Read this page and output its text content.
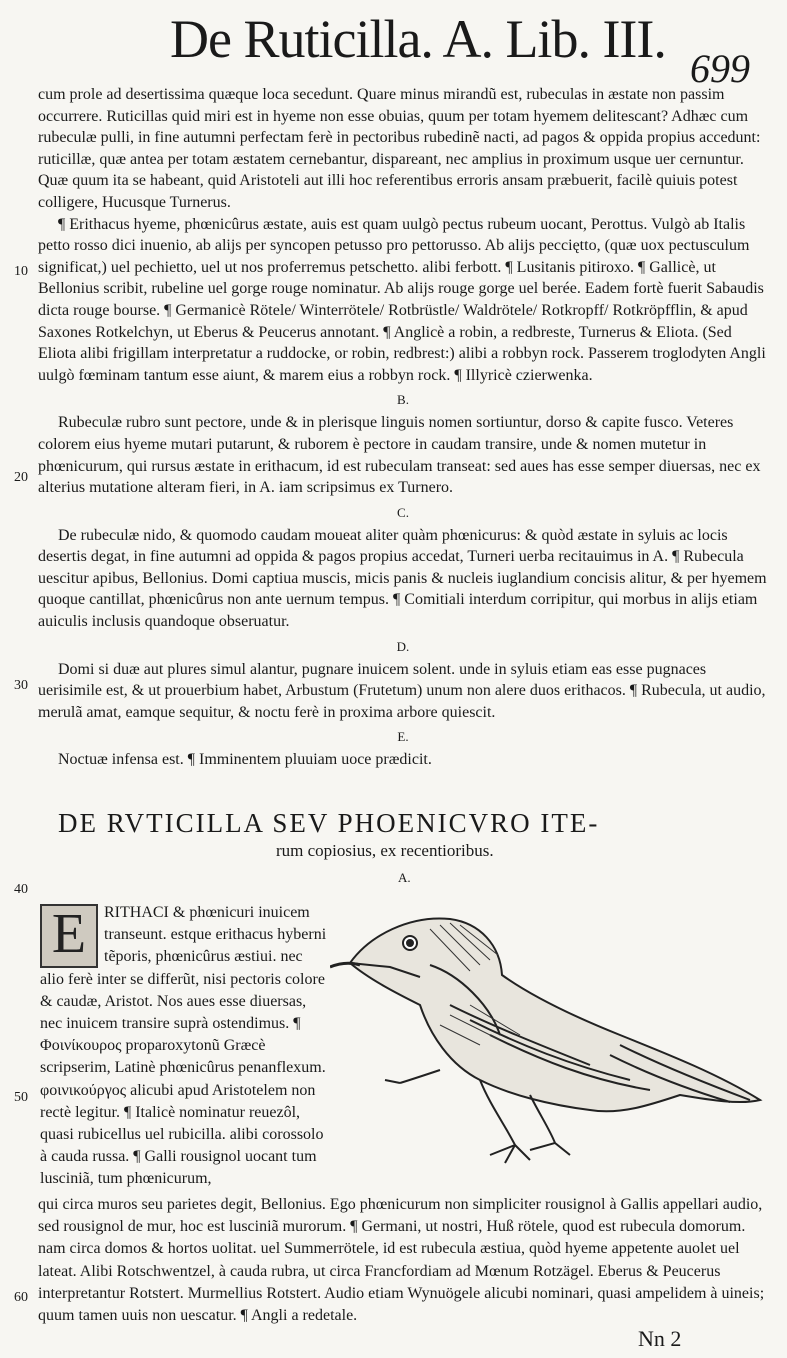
De Ruticilla. A. Lib. III. 699
10
20
30
40
50
60

cum prole ad desertissima quæque loca secedunt. Quare minus mirandũ est, rubeculas in æstate non passim occurrere. Ruticillas quid miri est in hyeme non esse obuias, quum per totam hyemem delitescant? Adhæc cum rubeculæ pulli, in fine autumni perfectam ferè in pectoribus rubedinẽ nacti, ad pagos & oppida propius accedunt: ruticillæ, quæ antea per totam æstatem cernebantur, dispareant, nec amplius in proximum usque uer cernuntur. Quæ quum ita se habeant, quid Aristoteli aut illi hoc referentibus erroris ansam præbuerit, facilè quiuis potest colligere, Hucusque Turnerus.

¶ Erithacus hyeme, phœnicûrus æstate, auis est quam uulgò pectus rubeum uocant, Perottus. Vulgò ab Italis petto rosso dici inuenio, ab alijs per syncopen petusso pro pettorusso. Ab alijs pecciętto, (quæ uox pectusculum significat,) uel pechietto, uel ut nos proferremus petschetto. alibi ferbott. ¶ Lusitanis pitiroxo. ¶ Gallicè, ut Bellonius scribit, rubeline uel gorge rouge nominatur. Ab alijs rouge gorge uel berée. Eadem fortè fuerit Sabaudis dicta rouge bourse. ¶ Germanicè Rötele/ Winterrötele/ Rotbrüstle/ Waldrötele/ Rotkropff/ Rotkröpfflin, & apud Saxones Rotkelchyn, ut Eberus & Peucerus annotant. ¶ Anglicè a robin, a redbreste, Turnerus & Eliota. (Sed Eliota alibi frigillam interpretatur a ruddocke, or robin, redbrest:) alibi a robbyn rock. Passerem troglodyten Angli uulgò fœminam tantum esse aiunt, & marem eius a robbyn rock. ¶ Illyricè czierwenka.

B.

Rubeculæ rubro sunt pectore, unde & in plerisque linguis nomen sortiuntur, dorso & capite fusco. Veteres colorem eius hyeme mutari putarunt, & ruborem è pectore in caudam transire, unde & nomen mutetur in phœnicurum, qui rursus æstate in erithacum, id est rubeculam transeat: sed aues has esse semper diuersas, nec ex alterius mutatione alteram fieri, in A. iam scripsimus ex Turnero.

C.

De rubeculæ nido, & quomodo caudam moueat aliter quàm phœnicurus: & quòd æstate in syluis ac locis desertis degat, in fine autumni ad oppida & pagos propius accedat, Turneri uerba recitauimus in A. ¶ Rubecula uescitur apibus, Bellonius. Domi captiua muscis, micis panis & nucleis iuglandium concisis alitur, & per hyemem quoque cantillat, phœnicûrus non ante uernum tempus. ¶ Comitiali interdum corripitur, qui morbus in alijs etiam auiculis inclusis quandoque obseruatur.

D.

Domi si duæ aut plures simul alantur, pugnare inuicem solent. unde in syluis etiam eas esse pugnaces uerisimile est, & ut prouerbium habet, Arbustum (Frutetum) unum non alere duos erithacos. ¶ Rubecula, ut audio, merulã amat, eamque sequitur, & noctu ferè in proxima arbore quiescit.

E.

Noctuæ infensa est. ¶ Imminentem pluuiam uoce prædicit.

DE RVTICILLA SEV PHOENICVRO ITE-
rum copiosius, ex recentioribus.
A.
E	RITHACI & phœnicuri inuicem transeunt. estque erithacus hyberni tẽporis, phœnicûrus æstiui. nec alio ferè inter se differũt, nisi pectoris colore & caudæ, Aristot. Nos aues esse diuersas, nec inuicem transire suprà ostendimus. ¶ Φοινίκουρος proparoxytonũ Græcè scripserim, Latinè phœnicûrus penanflexum. φοινικούργος alicubi apud Aristotelem non rectè legitur. ¶ Italicè nominatur reuezôl, quasi rubicellus uel rubicilla. alibi corossolo à cauda russa. ¶ Galli rousignol uocant tum lusciniã, tum phœnicurum,
qui circa muros seu parietes degit, Bellonius. Ego phœnicurum non simpliciter rousignol à Gallis appellari audio, sed rousignol de mur, hoc est lusciniã murorum. ¶ Germani, ut nostri, Huß rötele, quod est rubecula domorum. nam circa domos & hortos uolitat. uel Summerrötele, id est rubecula æstiua, quòd hyeme appetente auolet uel lateat. Alibi Rotschwentzel, à cauda rubra, ut circa Francfordiam ad Mœnum Rotzägel. Eberus & Peucerus interpretantur Rotstert. Murmellius Rotstert. Audio etiam Wynuögele alicubi nominari, quasi ampelidem à uineis; quum tamen uuis non uescatur. ¶ Angli a redetale.
Nn 2
